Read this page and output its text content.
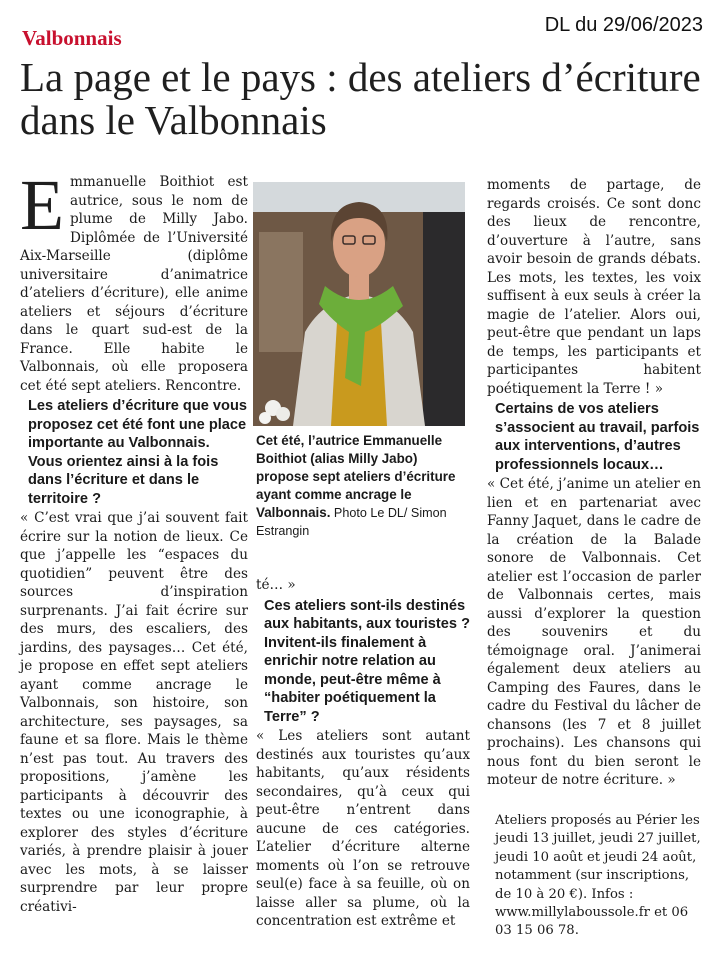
DL du 29/06/2023
Valbonnais
La page et le pays : des ateliers d’écriture dans le Valbonnais

Emmanuelle Boithiot est autrice, sous le nom de plume de Milly Jabo. Diplômée de l’Université Aix-Marseille (diplôme universitaire d’animatrice d’ateliers d’écriture), elle anime ateliers et séjours d’écriture dans le quart sud-est de la France. Elle habite le Valbonnais, où elle proposera cet été sept ateliers. Rencontre.

Les ateliers d’écriture que vous proposez cet été font une place importante au Valbonnais. Vous orientez ainsi à la fois dans l’écriture et dans le territoire ?

« C’est vrai que j’ai souvent fait écrire sur la notion de lieux. Ce que j’appelle les “espaces du quotidien” peuvent être des sources d’inspiration surprenants. J’ai fait écrire sur des murs, des escaliers, des jardins, des paysages… Cet été, je propose en effet sept ateliers ayant comme ancrage le Valbonnais, son histoire, son architecture, ses paysages, sa faune et sa flore. Mais le thème n’est pas tout. Au travers des propositions, j’amène les participants à découvrir des textes ou une iconographie, à explorer des styles d’écriture variés, à prendre plaisir à jouer avec les mots, à se laisser surprendre par leur propre créativi-

Cet été, l’autrice Emmanuelle Boithiot (alias Milly Jabo) propose sept ateliers d’écriture ayant comme ancrage le Valbonnais. Photo Le DL/ Simon Estrangin

té… »

Ces ateliers sont-ils destinés aux habitants, aux touristes ? Invitent-ils finalement à enrichir notre relation au monde, peut-être même à “habiter poétiquement la Terre” ?

« Les ateliers sont autant destinés aux touristes qu’aux habitants, qu’aux résidents secondaires, qu’à ceux qui peut-être n’entrent dans aucune de ces catégories. L’atelier d’écriture alterne moments où l’on se retrouve seul(e) face à sa feuille, où on laisse aller sa plume, où la concentration est extrême et

moments de partage, de regards croisés. Ce sont donc des lieux de rencontre, d’ouverture à l’autre, sans avoir besoin de grands débats. Les mots, les textes, les voix suffisent à eux seuls à créer la magie de l’atelier. Alors oui, peut-être que pendant un laps de temps, les participants et participantes habitent poétiquement la Terre ! »

Certains de vos ateliers s’associent au travail, parfois aux interventions, d’autres professionnels locaux…

« Cet été, j’anime un atelier en lien et en partenariat avec Fanny Jaquet, dans le cadre de la création de la Balade sonore de Valbonnais. Cet atelier est l’occasion de parler de Valbonnais certes, mais aussi d’explorer la question des souvenirs et du témoignage oral. J’animerai également deux ateliers au Camping des Faures, dans le cadre du Festival du lâcher de chansons (les 7 et 8 juillet prochains). Les chansons qui nous font du bien seront le moteur de notre écriture. »

Ateliers proposés au Périer les jeudi 13 juillet, jeudi 27 juillet, jeudi 10 août et jeudi 24 août, notamment (sur inscriptions, de 10 à 20 €). Infos : www.millylaboussole.fr et 06 03 15 06 78.
